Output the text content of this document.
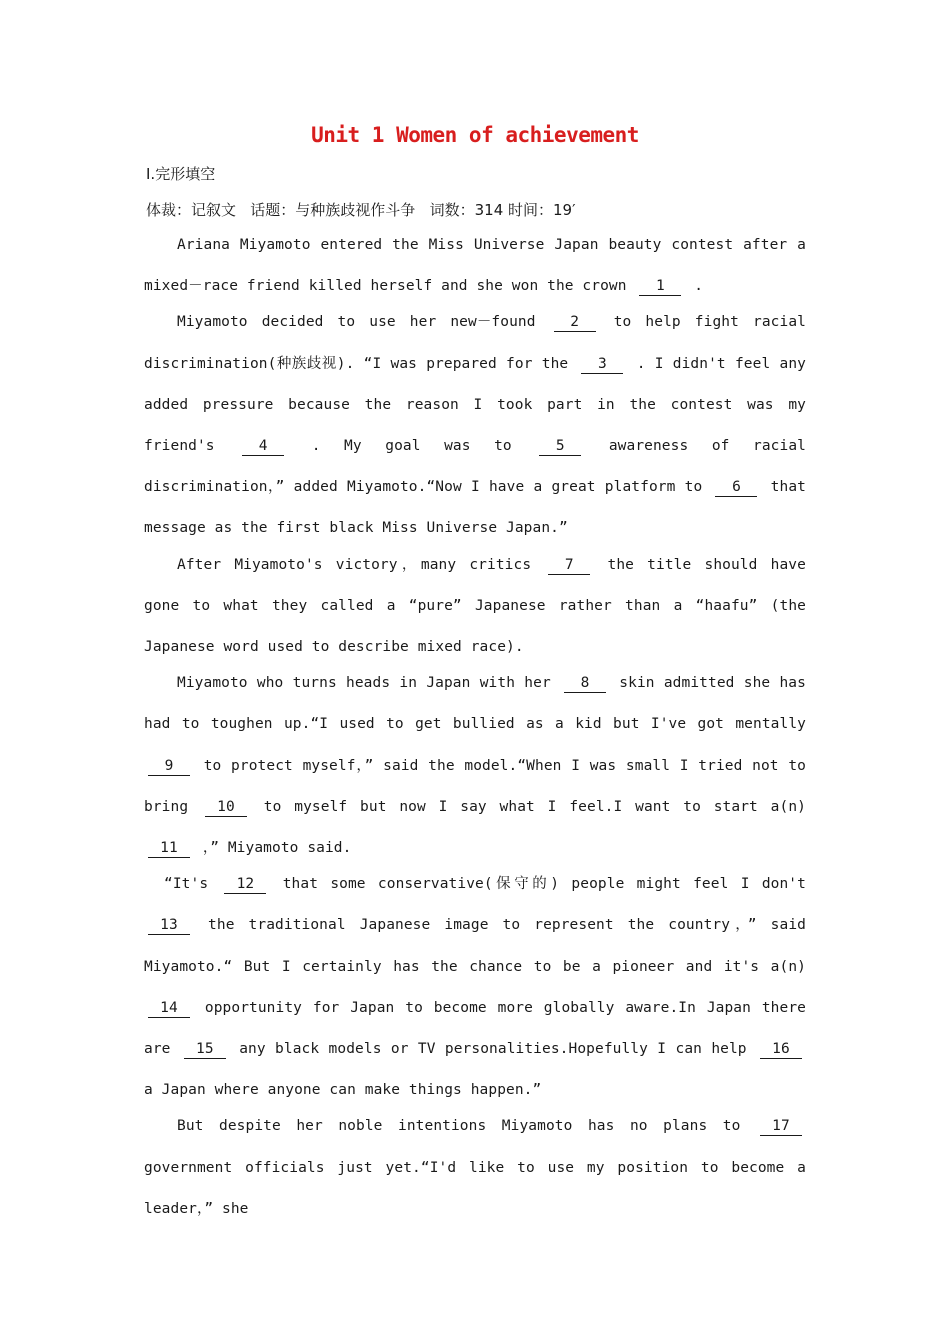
Unit 1 Women of achievement
Ⅰ.完形填空
体裁：记叙文   话题：与种族歧视作斗争   词数：314 时间：19′

Ariana Miyamoto entered the Miss Universe Japan beauty contest after a mixed－race friend killed herself and she won the crown 1 .

Miyamoto decided to use her new－found 2 to help fight racial discrimination(种族歧视). “I was prepared for the 3 . I didn't feel any added pressure because the reason I took part in the contest was my friend's	4	. My goal was to	5	awareness of racial discrimination，” added Miyamoto.“Now I have a great platform to 6 that message as the first black Miss Universe Japan.”

After Miyamoto's victory，many critics 7 the title should have gone to what they called a “pure” Japanese rather than a “haafu” (the Japanese word used to describe mixed race).

Miyamoto who turns heads in Japan with her 8 skin admitted she has had to toughen up.“I used to get bullied as a kid but I've got mentally 9 to protect myself，” said the model.“When I was small I tried not to bring 10 to myself but now I say what I feel.I want to start a(n) 11 ，” Miyamoto said.

“It's 12 that some conservative(保守的) people might feel I don't 13 the traditional Japanese image to represent the country，” said Miyamoto.“ But I certainly has the chance to be a pioneer and it's a(n) 14 opportunity for Japan to become more globally aware.In Japan there are 15 any black models or TV personalities.Hopefully I can help 16 a Japan where anyone can make things happen.”

But despite her noble intentions Miyamoto has no plans to 17 government officials just yet.“I'd like to use my position to become a leader，” she
